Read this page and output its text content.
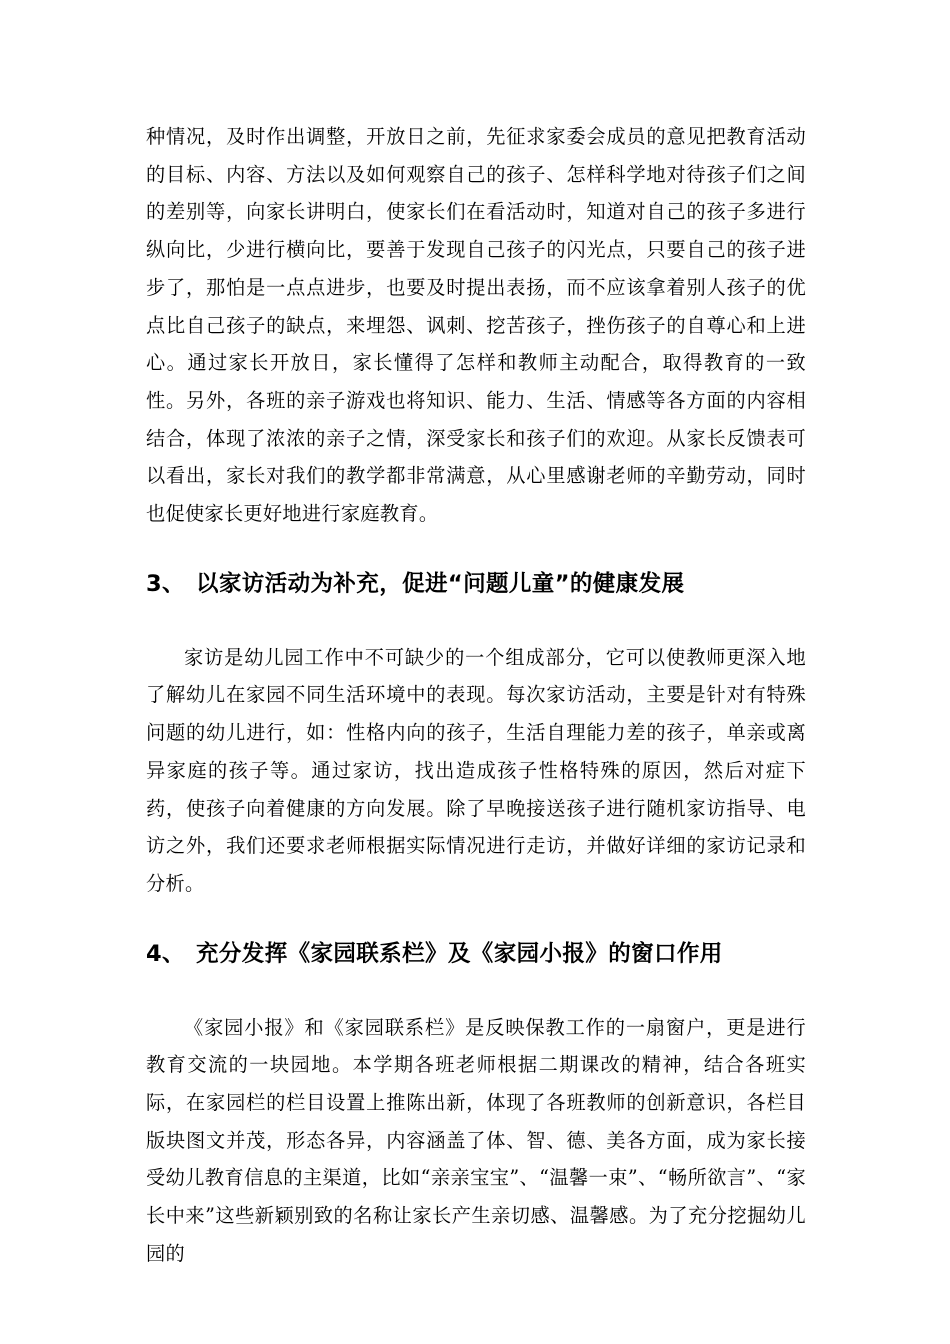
种情况，及时作出调整，开放日之前，先征求家委会成员的意见把教育活动的目标、内容、方法以及如何观察自己的孩子、怎样科学地对待孩子们之间的差别等，向家长讲明白，使家长们在看活动时，知道对自己的孩子多进行纵向比，少进行横向比，要善于发现自己孩子的闪光点，只要自己的孩子进步了，那怕是一点点进步，也要及时提出表扬，而不应该拿着别人孩子的优点比自己孩子的缺点，来埋怨、讽刺、挖苦孩子，挫伤孩子的自尊心和上进心。通过家长开放日，家长懂得了怎样和教师主动配合，取得教育的一致性。另外，各班的亲子游戏也将知识、能力、生活、情感等各方面的内容相结合，体现了浓浓的亲子之情，深受家长和孩子们的欢迎。从家长反馈表可以看出，家长对我们的教学都非常满意，从心里感谢老师的辛勤劳动，同时也促使家长更好地进行家庭教育。

3、 以家访活动为补充，促进“问题儿童”的健康发展

家访是幼儿园工作中不可缺少的一个组成部分，它可以使教师更深入地了解幼儿在家园不同生活环境中的表现。每次家访活动，主要是针对有特殊问题的幼儿进行，如：性格内向的孩子，生活自理能力差的孩子，单亲或离异家庭的孩子等。通过家访，找出造成孩子性格特殊的原因，然后对症下药，使孩子向着健康的方向发展。除了早晚接送孩子进行随机家访指导、电访之外，我们还要求老师根据实际情况进行走访，并做好详细的家访记录和分析。

4、 充分发挥《家园联系栏》及《家园小报》的窗口作用

《家园小报》和《家园联系栏》是反映保教工作的一扇窗户，更是进行教育交流的一块园地。本学期各班老师根据二期课改的精神，结合各班实际，在家园栏的栏目设置上推陈出新，体现了各班教师的创新意识，各栏目版块图文并茂，形态各异，内容涵盖了体、智、德、美各方面，成为家长接受幼儿教育信息的主渠道，比如“亲亲宝宝”、“温馨一束”、“畅所欲言”、“家长中来”这些新颖别致的名称让家长产生亲切感、温馨感。为了充分挖掘幼儿园的
